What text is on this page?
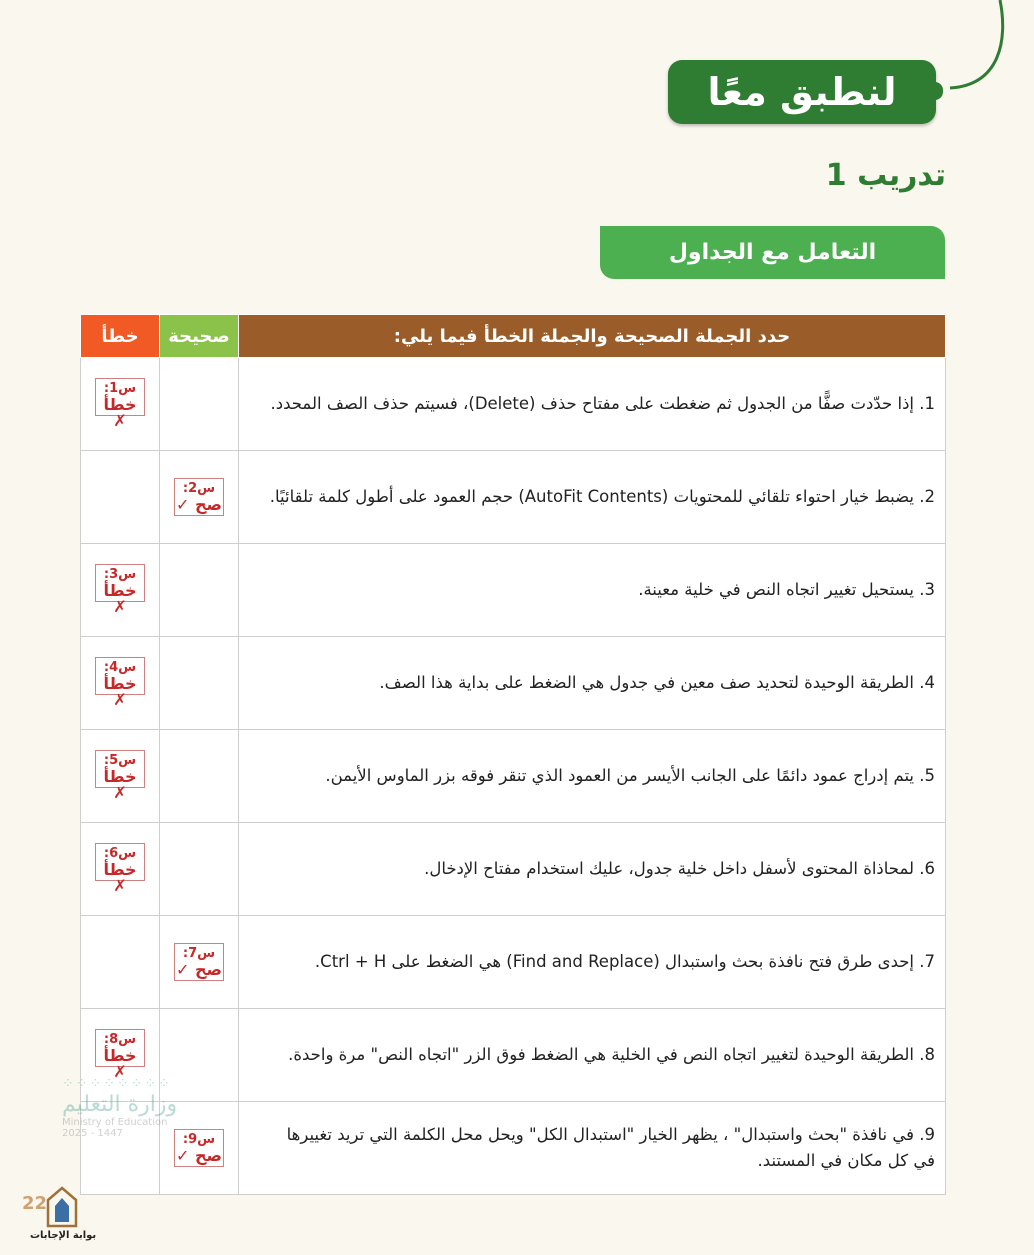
لنطبق معًا
تدريب 1
التعامل مع الجداول
حدد الجملة الصحيحة والجملة الخطأ فيما يلي:	صحيحة	خطأ
1. إذا حدّدت صفًّا من الجدول ثم ضغطت على مفتاح حذف (Delete)، فسيتم حذف الصف المحدد.		س1:
خطأ ✗

2. يضبط خيار احتواء تلقائي للمحتويات (AutoFit Contents) حجم العمود على أطول كلمة تلقائيًا.	س2:
صح ✓	

3. يستحيل تغيير اتجاه النص في خلية معينة.		س3:
خطأ ✗

4. الطريقة الوحيدة لتحديد صف معين في جدول هي الضغط على بداية هذا الصف.		س4:
خطأ ✗

5. يتم إدراج عمود دائمًا على الجانب الأيسر من العمود الذي تنقر فوقه بزر الماوس الأيمن.		س5:
خطأ ✗

6. لمحاذاة المحتوى لأسفل داخل خلية جدول، عليك استخدام مفتاح الإدخال.		س6:
خطأ ✗

7. إحدى طرق فتح نافذة بحث واستبدال (Find and Replace) هي الضغط على Ctrl + H.	س7:
صح ✓	

8. الطريقة الوحيدة لتغيير اتجاه النص في الخلية هي الضغط فوق الزر "اتجاه النص" مرة واحدة.		س8:
خطأ ✗

9. في نافذة "بحث واستبدال" ، يظهر الخيار "استبدال الكل" ويحل محل الكلمة التي تريد تغييرها في كل مكان في المستند.	س9:
صح ✓	

⁘⁘⁘⁘⁘⁘⁘⁘
وزارة التعليم
Ministry of Education
2025 - 1447
22
بوابة الإجابات
